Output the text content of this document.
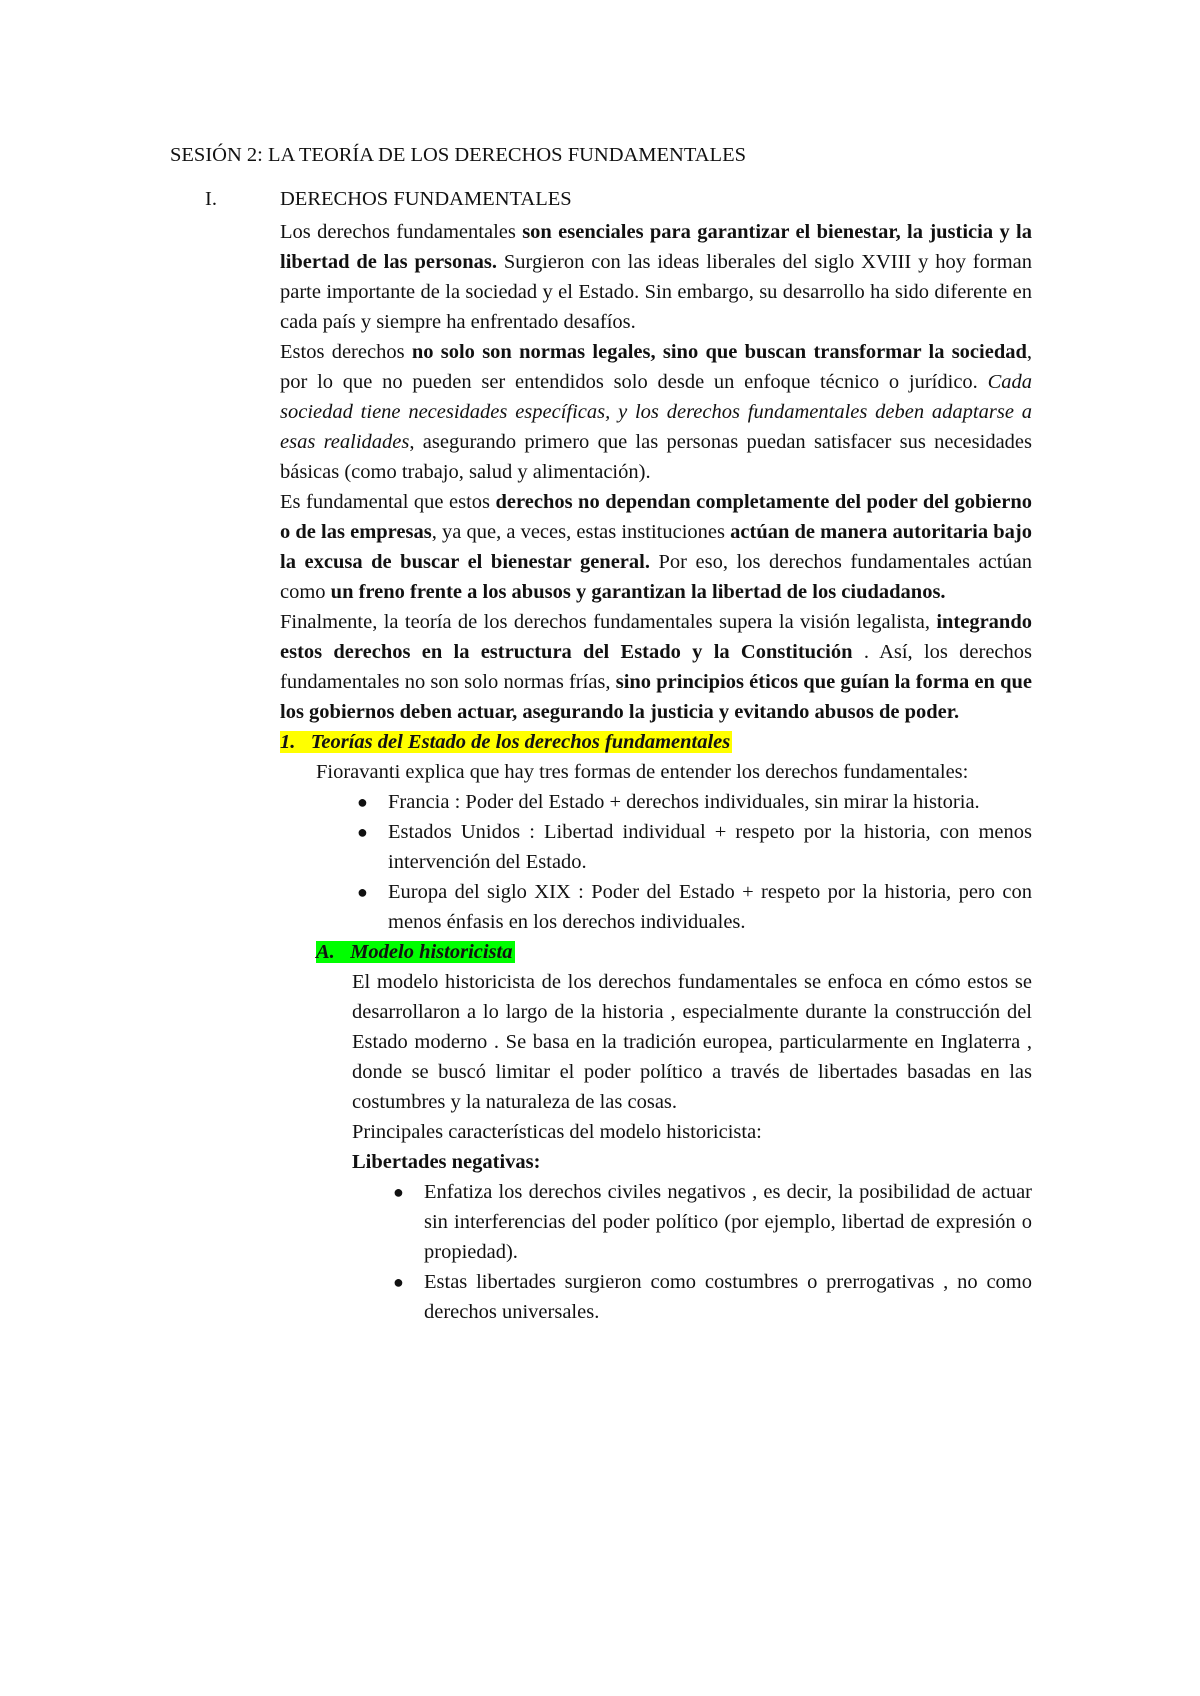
SESIÓN 2: LA TEORÍA DE LOS DERECHOS FUNDAMENTALES
I.	DERECHOS FUNDAMENTALES

Los derechos fundamentales son esenciales para garantizar el bienestar, la justicia y la libertad de las personas. Surgieron con las ideas liberales del siglo XVIII y hoy forman parte importante de la sociedad y el Estado. Sin embargo, su desarrollo ha sido diferente en cada país y siempre ha enfrentado desafíos.

Estos derechos no solo son normas legales, sino que buscan transformar la sociedad, por lo que no pueden ser entendidos solo desde un enfoque técnico o jurídico. Cada sociedad tiene necesidades específicas, y los derechos fundamentales deben adaptarse a esas realidades, asegurando primero que las personas puedan satisfacer sus necesidades básicas (como trabajo, salud y alimentación).

Es fundamental que estos derechos no dependan completamente del poder del gobierno o de las empresas, ya que, a veces, estas instituciones actúan de manera autoritaria bajo la excusa de buscar el bienestar general. Por eso, los derechos fundamentales actúan como un freno frente a los abusos y garantizan la libertad de los ciudadanos.

Finalmente, la teoría de los derechos fundamentales supera la visión legalista, integrando estos derechos en la estructura del Estado y la Constitución . Así, los derechos fundamentales no son solo normas frías, sino principios éticos que guían la forma en que los gobiernos deben actuar, asegurando la justicia y evitando abusos de poder.

1. Teorías del Estado de los derechos fundamentales

Fioravanti explica que hay tres formas de entender los derechos fundamentales:

● Francia : Poder del Estado + derechos individuales, sin mirar la historia.
● Estados Unidos : Libertad individual + respeto por la historia, con menos intervención del Estado.
● Europa del siglo XIX : Poder del Estado + respeto por la historia, pero con menos énfasis en los derechos individuales.

A. Modelo historicista

El modelo historicista de los derechos fundamentales se enfoca en cómo estos se desarrollaron a lo largo de la historia , especialmente durante la construcción del Estado moderno . Se basa en la tradición europea, particularmente en Inglaterra , donde se buscó limitar el poder político a través de libertades basadas en las costumbres y la naturaleza de las cosas.

Principales características del modelo historicista:

Libertades negativas:

● Enfatiza los derechos civiles negativos , es decir, la posibilidad de actuar sin interferencias del poder político (por ejemplo, libertad de expresión o propiedad).
● Estas libertades surgieron como costumbres o prerrogativas , no como derechos universales.
